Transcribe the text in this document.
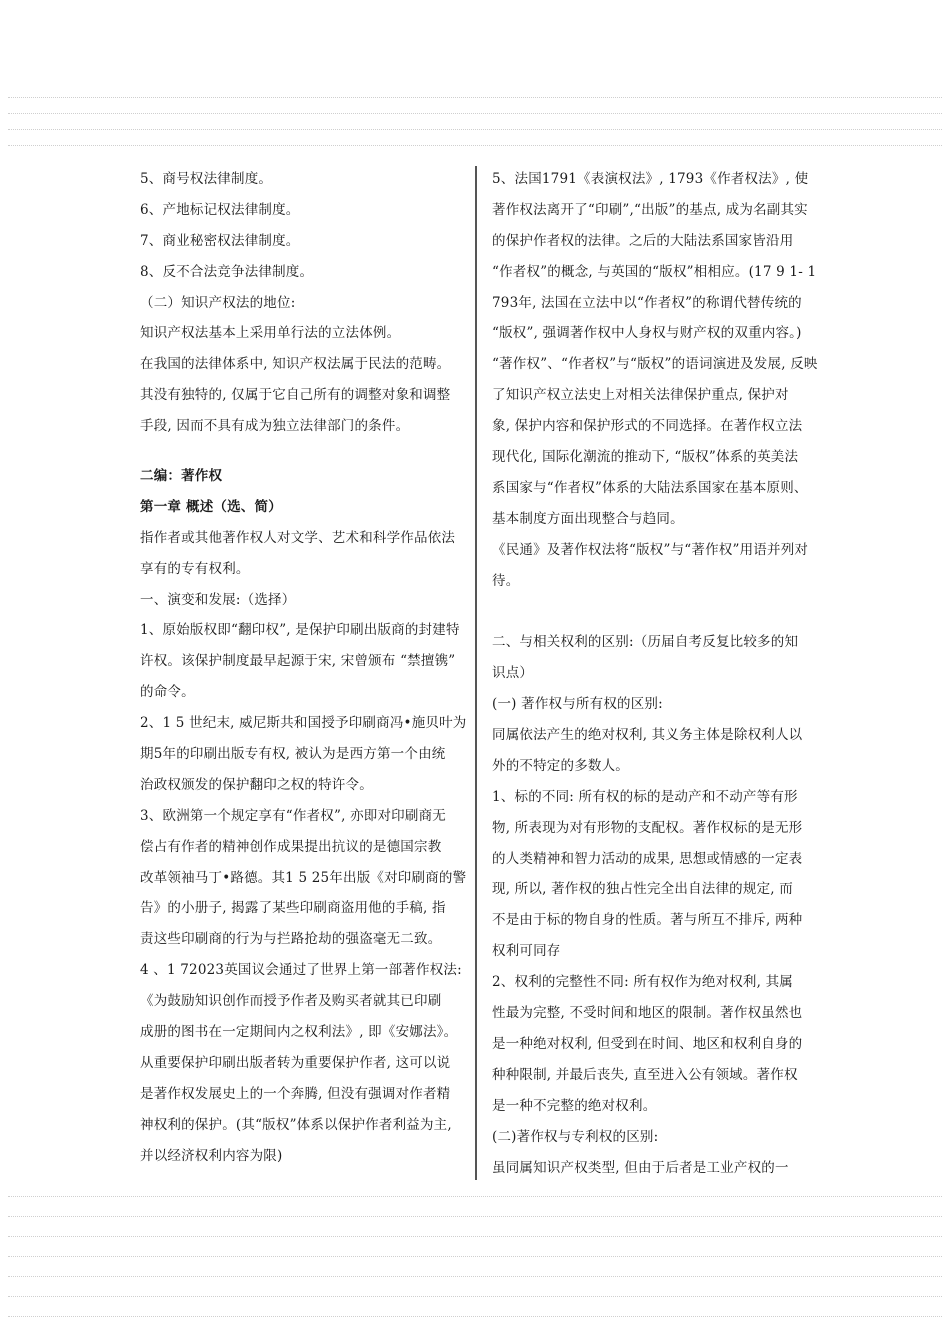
5、商号权法律制度。
6、产地标记权法律制度。
7、商业秘密权法律制度。
8、反不合法竞争法律制度。
（二）知识产权法的地位:
知识产权法基本上采用单行法的立法体例。
在我国的法律体系中, 知识产权法属于民法的范畴。
其没有独特的, 仅属于它自己所有的调整对象和调整
手段, 因而不具有成为独立法律部门的条件。
二编：著作权
第一章 概述（选、简）
指作者或其他著作权人对文学、艺术和科学作品依法
享有的专有权利。
一、演变和发展:（选择）
1、原始版权即“翻印权”, 是保护印刷出版商的封建特
许权。该保护制度最早起源于宋, 宋曾颁布 “禁擅镌”
的命令。
2、1 5 世纪末, 威尼斯共和国授予印刷商冯•施贝叶为
期5年的印刷出版专有权, 被认为是西方第一个由统
治政权颁发的保护翻印之权的特许令。
3、欧洲第一个规定享有“作者权”, 亦即对印刷商无
偿占有作者的精神创作成果提出抗议的是德国宗教
改革领袖马丁•路德。其1 5 25年出版《对印刷商的警
告》的小册子, 揭露了某些印刷商盗用他的手稿, 指
责这些印刷商的行为与拦路抢劫的强盗毫无二致。
4 、1 72023英国议会通过了世界上第一部著作权法:
《为鼓励知识创作而授予作者及购买者就其已印刷
成册的图书在一定期间内之权利法》, 即《安娜法》。
从重要保护印刷出版者转为重要保护作者, 这可以说
是著作权发展史上的一个奔腾, 但没有强调对作者精
神权利的保护。(其“版权”体系以保护作者利益为主,
并以经济权利内容为限)
5、法国1791《表演权法》, 1793《作者权法》, 使
著作权法离开了“印刷”,“出版”的基点, 成为名副其实
的保护作者权的法律。之后的大陆法系国家皆沿用
“作者权”的概念, 与英国的“版权”相相应。(17 9 1- 1
793年, 法国在立法中以“作者权”的称谓代替传统的
“版权”, 强调著作权中人身权与财产权的双重内容。)
“著作权”、“作者权”与“版权”的语词演进及发展, 反映
了知识产权立法史上对相关法律保护重点, 保护对
象, 保护内容和保护形式的不同选择。在著作权立法
现代化, 国际化潮流的推动下, “版权”体系的英美法
系国家与“作者权”体系的大陆法系国家在基本原则、
基本制度方面出现整合与趋同。
《民通》及著作权法将“版权”与“著作权”用语并列对
待。
二、与相关权利的区别:（历届自考反复比较多的知
识点）
(一) 著作权与所有权的区别:
同属依法产生的绝对权利, 其义务主体是除权利人以
外的不特定的多数人。
1、标的不同: 所有权的标的是动产和不动产等有形
物, 所表现为对有形物的支配权。著作权标的是无形
的人类精神和智力活动的成果, 思想或情感的一定表
现, 所以, 著作权的独占性完全出自法律的规定, 而
不是由于标的物自身的性质。著与所互不排斥, 两种
权利可同存
2、权利的完整性不同: 所有权作为绝对权利, 其属
性最为完整, 不受时间和地区的限制。著作权虽然也
是一种绝对权利, 但受到在时间、地区和权利自身的
种种限制, 并最后丧失, 直至进入公有领域。著作权
是一种不完整的绝对权利。
(二)著作权与专利权的区别:
虽同属知识产权类型, 但由于后者是工业产权的一
